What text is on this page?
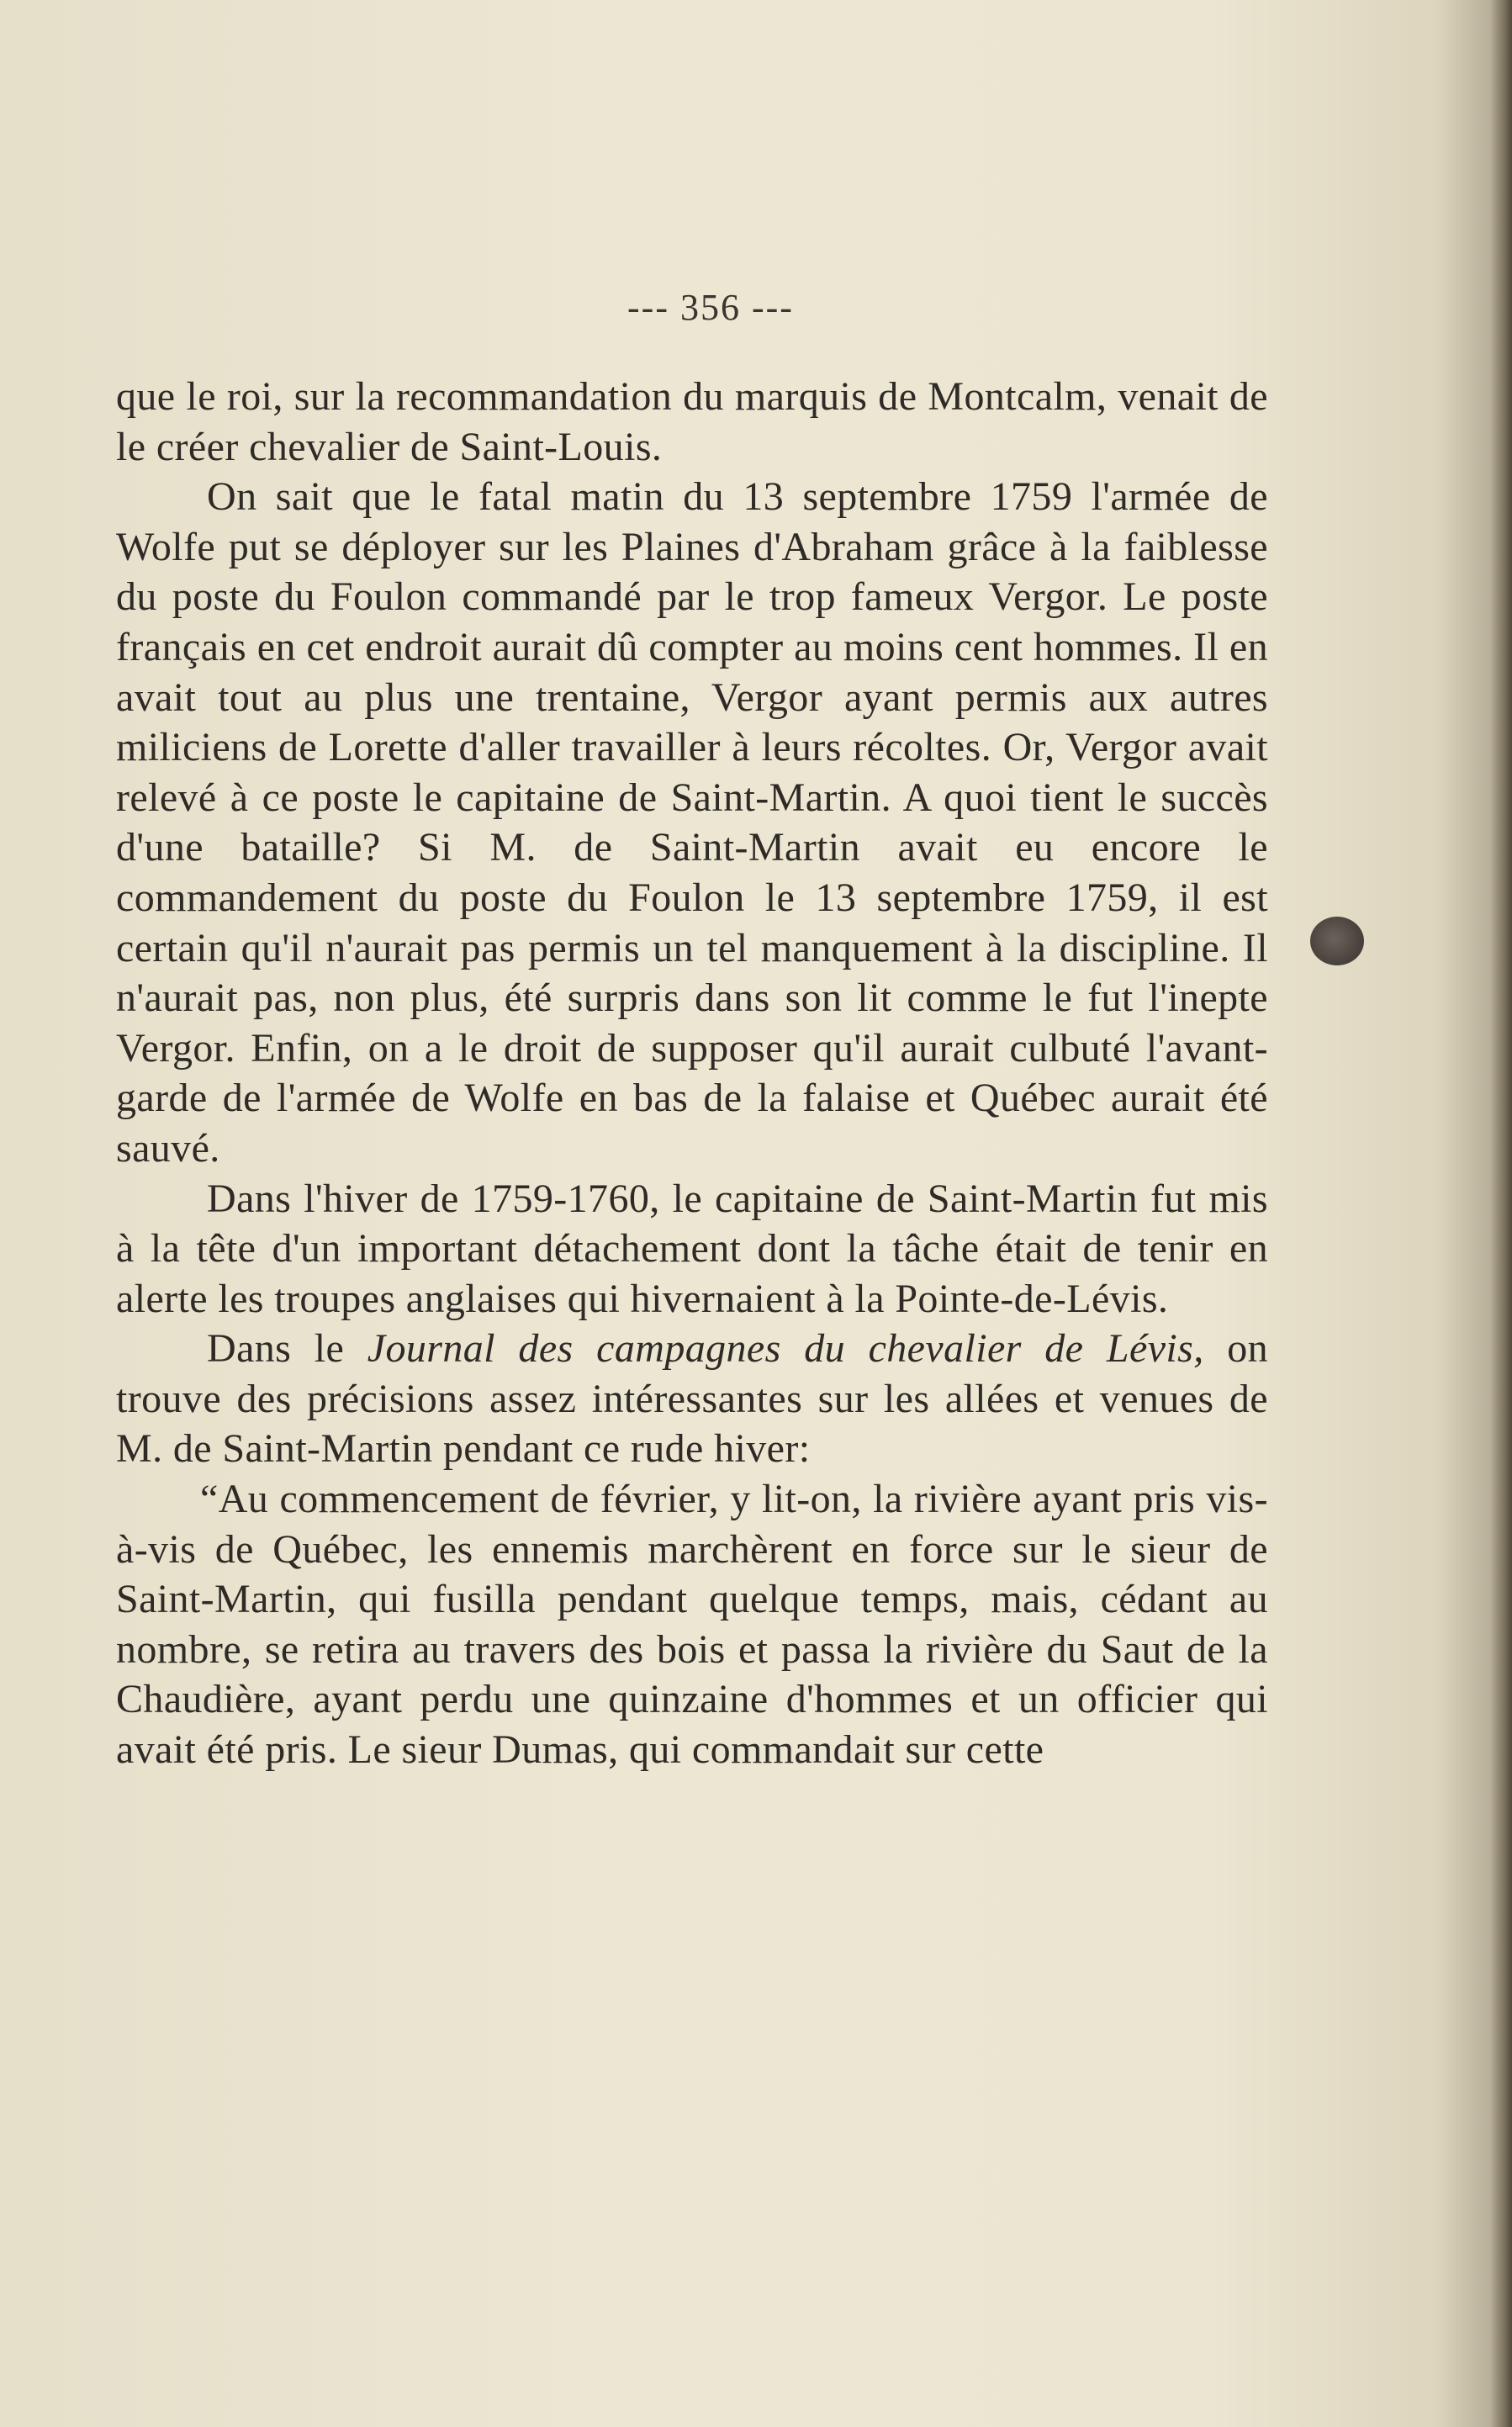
--- 356 ---

que le roi, sur la recommandation du marquis de Montcalm, venait de le créer chevalier de Saint-Louis.

On sait que le fatal matin du 13 septembre 1759 l'armée de Wolfe put se déployer sur les Plaines d'Abraham grâce à la faiblesse du poste du Foulon commandé par le trop fameux Vergor. Le poste français en cet endroit aurait dû compter au moins cent hommes. Il en avait tout au plus une trentaine, Vergor ayant permis aux autres miliciens de Lorette d'aller travailler à leurs récoltes. Or, Vergor avait relevé à ce poste le capitaine de Saint-Martin. A quoi tient le succès d'une bataille? Si M. de Saint-Martin avait eu encore le commandement du poste du Foulon le 13 septembre 1759, il est certain qu'il n'aurait pas permis un tel manquement à la discipline. Il n'aurait pas, non plus, été surpris dans son lit comme le fut l'inepte Vergor. Enfin, on a le droit de supposer qu'il aurait culbuté l'avant-garde de l'armée de Wolfe en bas de la falaise et Québec aurait été sauvé.

Dans l'hiver de 1759-1760, le capitaine de Saint-Martin fut mis à la tête d'un important détachement dont la tâche était de tenir en alerte les troupes anglaises qui hivernaient à la Pointe-de-Lévis.

Dans le Journal des campagnes du chevalier de Lévis, on trouve des précisions assez intéressantes sur les allées et venues de M. de Saint-Martin pendant ce rude hiver:

“Au commencement de février, y lit-on, la rivière ayant pris vis-à-vis de Québec, les ennemis marchèrent en force sur le sieur de Saint-Martin, qui fusilla pendant quelque temps, mais, cédant au nombre, se retira au travers des bois et passa la rivière du Saut de la Chaudière, ayant perdu une quinzaine d'hommes et un officier qui avait été pris. Le sieur Dumas, qui commandait sur cette
